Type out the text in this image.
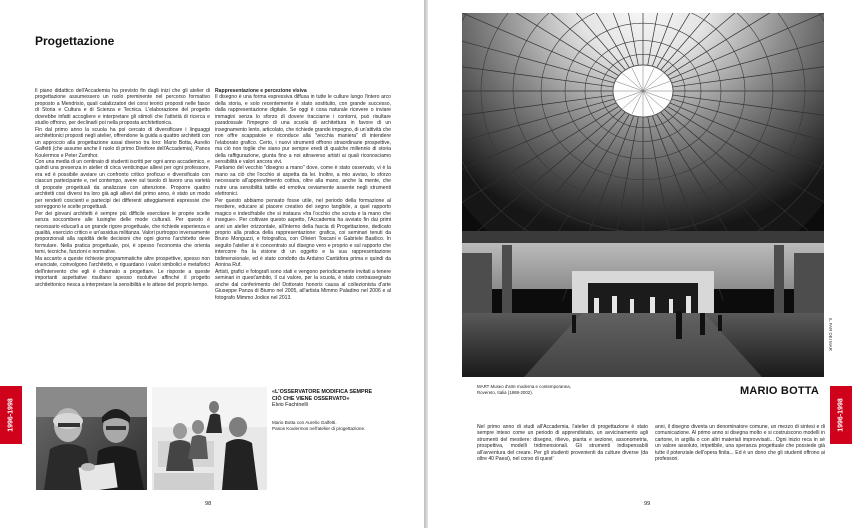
Progettazione

Il piano didattico dell'Accademia ha previsto fin dagli inizi che gli atelier di progettazione assumessero un ruolo preminente nel percorso formativo proposto a Mendrisio, quali catalizzatori dei corsi teorici proposti nelle fasce di Storia e Cultura e di Scienza e Tecnica. L'elaborazione del progetto dovrebbe infatti accogliere e interpretare gli stimoli che l'attività di ricerca e studio offrono, per declinarli poi nella proposta architettonica.

Fin dal primo anno la scuola ha poi cercato di diversificare i linguaggi architettonici proposti negli atelier, offrendone la guida a quattro architetti con un approccio alla progettazione assai diverso tra loro: Mario Botta, Aurelio Galfetti (che assume anche il ruolo di primo Direttore dell'Accademia), Panos Koulermos e Peter Zumthor.

Con una media di un centinaio di studenti iscritti per ogni anno accademico, e quindi una presenza in atelier di circa venticinque allievi per ogni professore, era ed è possibile avviare un confronto critico proficuo e diversificato con ciascun partecipante e, nel contempo, avere sul tavolo di lavoro una varietà di proposte progettuali da analizzare con attenzione. Proporre quattro architetti così diversi tra loro già agli allievi del primo anno, è stato un modo per renderli coscienti e partecipi dei differenti atteggiamenti espressivi che sorreggono le scelte progettuali.

Per dei giovani architetti è sempre più difficile esercitare le proprie scelte senza soccombere alle lusinghe delle mode culturali. Per questo è necessario educarli a un grande rigore progettuale, che richiede esperienza e qualità, esercizio critico e un'assidua militanza. Valori purtroppo inversamente proporzionali alla rapidità delle decisioni che ogni giorno l'architetto deve formulare. Nella pratica progettuale, poi, è spesso l'economia che orienta temi, tecniche, funzioni e normative.

Ma accanto a queste richieste programmatiche altre prospettive, spesso non enunciate, coinvolgono l'architetto, e riguardano i valori simbolici e metaforici dell'intervento che egli è chiamato a progettare. Le risposte a queste importanti aspettative risultano spesso risolutive affinché il progetto architettonico riesca a interpretare la sensibilità e le attese del proprio tempo.

Rappresentazione e percezione visiva

Il disegno è una forma espressiva diffusa in tutte le culture lungo l'intero arco della storia, e solo recentemente è stato sostituito, con grande successo, dalla rappresentazione digitale. Se oggi è cosa naturale ricevere o inviare immagini senza lo sforzo di dovere tracciarne i contorni, può risultare paradossale l'impegno di una scuola di architettura in favore di un insegnamento lento, articolato, che richiede grande impegno, di un'attività che non offre scappatoie e riconduce alla "vecchia maniera" di intendere l'elaborato grafico. Certo, i nuovi strumenti offrono straordinarie prospettive, ma ciò non toglie che siano pur sempre eredi di qualche millennio di storia della raffigurazione, giunta fino a noi attraverso artisti ai quali riconosciamo sensibilità e valori ancora vivi.

Parliamo del vecchio "disegno a mano" dove, come è stato osservato, vi è la mano sa ciò che l'occhio si aspetta da lei. Inoltre, a mio avviso, lo sforzo necessario all'apprendimento cottiva, oltre alla mano, anche la mente, che nutre una sensibilità tattile ed emotiva ovviamente assente negli strumenti elettronici.

Per questo abbiamo pensato fosse utile, nel periodo della formazione al mestiere, educare al piacere creativo del segno tangibile, a quel rapporto magico e indecifrabile che si instaura «fra l'occhio che scruta e la mano che insegue». Per coltivare questo aspetto, l'Accademia ha avviato fin dai primi anni un atelier orizzontale, all'interno della fascia di Progettazione, dedicato proprio alla pratica della rappresentazione: grafica, coi seminari tenuti da Bruno Monguzzi, e fotografica, con Olivieri Toscani e Gabriele Basilico. In seguito l'atelier si è concentrato sul disegno vero e proprio e sul rapporto che intercorre fra la visione di un oggetto e la sua rappresentazione bidimensionale, ed è stato condotto da Arduino Cantàfora prima e quindi da Annina Ruf.

Artisti, grafici e fotografi sono stati e vengono periodicamente invitati a tenere seminari in quest'ambito, il cui valore, per la scuola, è stato contrassegnato anche dal conferimento del Dottorato honoris causa al collezionista d'arte Giuseppe Panza di Biumo nel 2005, all'artista Mimmo Paladino nel 2006 e al fotografo Mimmo Jodice nel 2013.

1996-1998
«L'OSSERVATORE MODIFICA SEMPRE CIÒ CHE VIENE OSSERVATO»
Elvio Fachinelli
Mario Botta con Aurelio Galfetti.
Panos Koulermos nell'atelier di progettazione.
98
MART Museo d'arte moderna e contemporanea,
Rovereto, Italia (1988-2002).
IL FAR DEI MAR
MARIO BOTTA

Nel primo anno di studi all'Accademia, l'atelier di progettazione è stato sempre inteso come un periodo di apprendistato, un avvicinamento agli strumenti del mestiere: disegno, rilievo, pianta e sezione, assonometria, prospettiva, modelli tridimensionali. Gli strumenti indispensabili all'avventura del creare. Per gli studenti provenienti da culture diverse (da oltre 40 Paesi), nel corso di quest'

anni, il disegno diventa un denominatore comune, un mezzo di sintesi e di comunicazione. Al primo anno si disegna molto e si costruiscono modelli in cartone, in argilla o con altri materiali improvvisati... Ogni inizio reca in sé un valore assoluto, irripetibile, una speranza progettuale che possiede già tutte il potenziale dell'opera finita... Ed è un dono che gli studenti offrono ai professori.

1996-1998
99
